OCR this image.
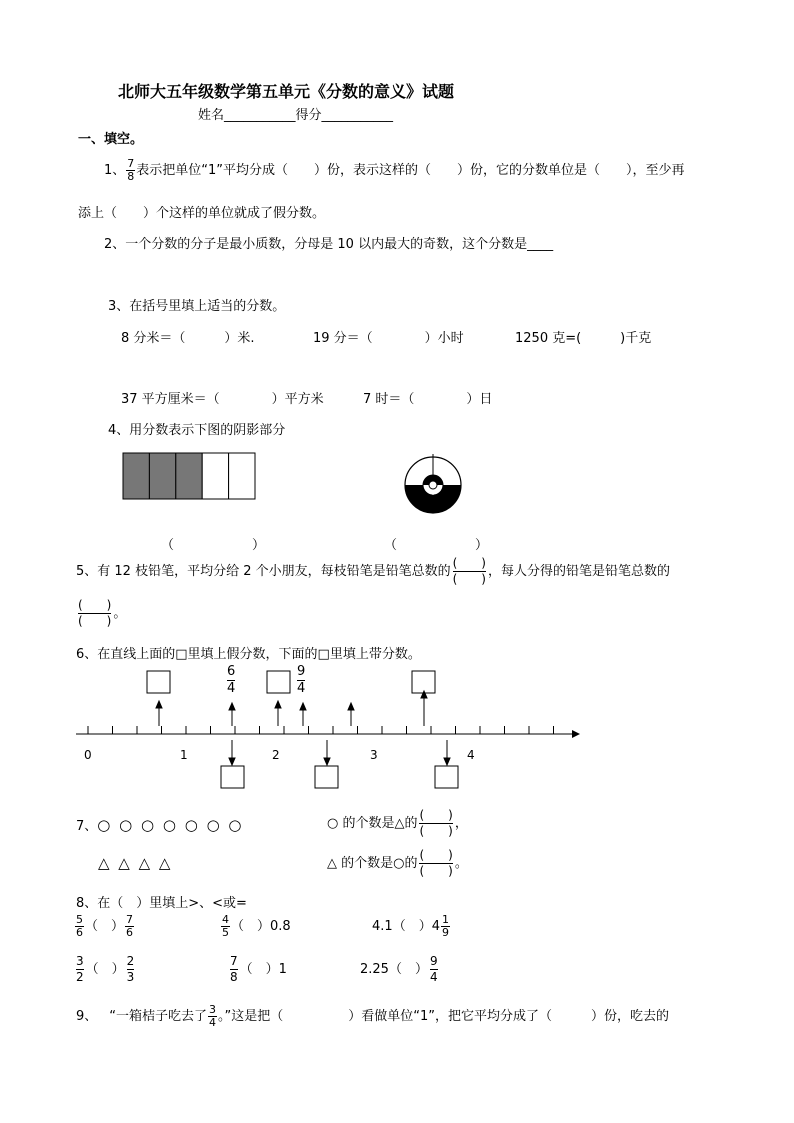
北师大五年级数学第五单元《分数的意义》试题
姓名___________得分___________
一、填空。
1、 $\frac{7}{8}$ 表示把单位“1”平均分成（　　）份，表示这样的（　　）份，它的分数单位是（　　），至少再
添上（　　）个这样的单位就成了假分数。
2、一个分数的分子是最小质数，分母是 10 以内最大的奇数，这个分数是____
3、在括号里填上适当的分数。
8 分米＝（　　　）米.	19 分＝（　　　　）小时	1250 克=(　　　)千克
37 平方厘米＝（　　　　）平方米	7 时＝（　　　　）日
4、用分数表示下图的阴影部分
（　　　　　　）	（　　　　　　）
5、有 12 枝铅笔，平均分给 2 个小朋友，每枝铅笔是铅笔总数的 $\frac{( )}{( )}$ ，每人分得的铅笔是铅笔总数的
$\frac{( )}{( )}$ 。
6、在直线上面的□里填上假分数，下面的□里填上带分数。
$\frac{6}{4}$	$\frac{9}{4}$
0	1	2	3	4
7、○ ○ ○ ○ ○ ○ ○	○ 的个数是△的 $\frac{( )}{( )}$ ，
△ △ △ △	△ 的个数是○的 $\frac{( )}{( )}$ 。
8、在（　）里填上>、<或=
$\frac{5}{6}$ （　） $\frac{7}{6}$	$\frac{4}{5}$ （　）0.8	4.1（　）$4 \frac{1}{9}$
$\frac{3}{2}$ （　） $\frac{2}{3}$	$\frac{7}{8}$ （　）1	2.25（　） $\frac{9}{4}$
9、 “一箱桔子吃去了 $\frac{3}{4}$ 。”这是把（　　　　　）看做单位“1”，把它平均分成了（　　　）份，吃去的
